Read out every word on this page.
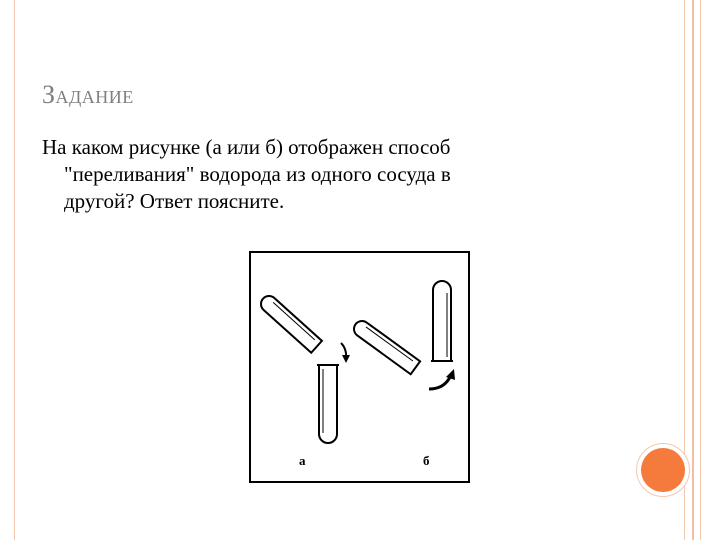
Задание
На каком рисунке (а или б) отображен способ
"переливания" водорода из одного сосуда в
другой? Ответ поясните.
а	б
